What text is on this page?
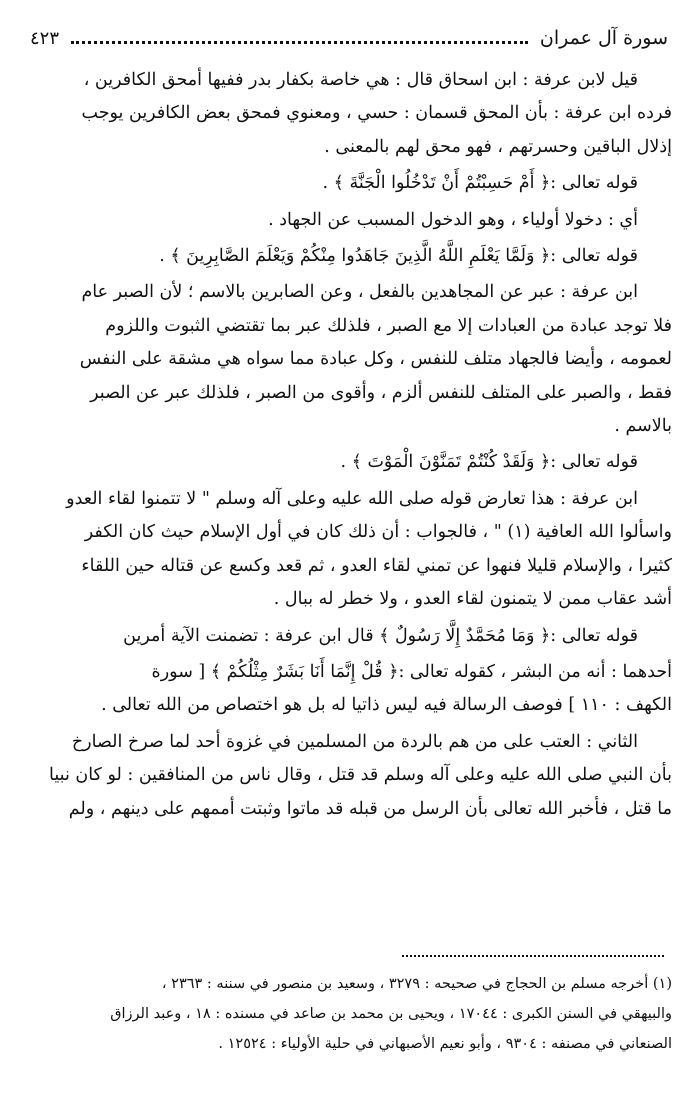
سورة آل عمران
٤٢٣

قيل لابن عرفة : ابن اسحاق قال : هي خاصة بكفار بدر ففيها أمحق الكافرين ،

فرده ابن عرفة : بأن المحق قسمان : حسي ، ومعنوي فمحق بعض الكافرين يوجب

إذلال الباقين وحسرتهم ، فهو محق لهم بالمعنى .

قوله تعالى :﴿ أَمْ حَسِبْتُمْ أَنْ تَدْخُلُوا الْجَنَّةَ ﴾ .

أي : دخولا أولياء ، وهو الدخول المسبب عن الجهاد .

قوله تعالى :﴿ وَلَمَّا يَعْلَمِ اللَّهُ الَّذِينَ جَاهَدُوا مِنْكُمْ وَيَعْلَمَ الصَّابِرِينَ ﴾ .

ابن عرفة : عبر عن المجاهدين بالفعل ، وعن الصابرين بالاسم ؛ لأن الصبر عام

فلا توجد عبادة من العبادات إلا مع الصبر ، فلذلك عبر بما تقتضي الثبوت واللزوم

لعمومه ، وأيضا فالجهاد متلف للنفس ، وكل عبادة مما سواه هي مشقة على النفس

فقط ، والصبر على المتلف للنفس ألزم ، وأقوى من الصبر ، فلذلك عبر عن الصبر

بالاسم .

قوله تعالى :﴿ وَلَقَدْ كُنْتُمْ تَمَنَّوْنَ الْمَوْتَ ﴾ .

ابن عرفة : هذا تعارض قوله صلى الله عليه وعلى آله وسلم " لا تتمنوا لقاء العدو

واسألوا الله العافية (١) " ، فالجواب : أن ذلك كان في أول الإسلام حيث كان الكفر

كثيرا ، والإسلام قليلا فنهوا عن تمني لقاء العدو ، ثم قعد وكسع عن قتاله حين اللقاء

أشد عقاب ممن لا يتمنون لقاء العدو ، ولا خطر له ببال .

قوله تعالى :﴿ وَمَا مُحَمَّدٌ إِلَّا رَسُولٌ ﴾ قال ابن عرفة : تضمنت الآية أمرين

أحدهما : أنه من البشر ، كقوله تعالى :﴿ قُلْ إِنَّمَا أَنَا بَشَرٌ مِثْلُكُمْ ﴾ [ سورة

الكهف : ١١٠ ] فوصف الرسالة فيه ليس ذاتيا له بل هو اختصاص من الله تعالى .

الثاني : العتب على من هم بالردة من المسلمين في غزوة أحد لما صرخ الصارخ

بأن النبي صلى الله عليه وعلى آله وسلم قد قتل ، وقال ناس من المنافقين : لو كان نبيا

ما قتل ، فأخبر الله تعالى بأن الرسل من قبله قد ماتوا وثبتت أممهم على دينهم ، ولم

(١) أخرجه مسلم بن الحجاج في صحيحه : ٣٢٧٩ ، وسعيد بن منصور في سننه : ٢٣٦٣ ،

والبيهقي في السنن الكبرى : ١٧٠٤٤ ، ويحيى بن محمد بن صاعد في مسنده : ١٨ ، وعبد الرزاق

الصنعاني في مصنفه : ٩٣٠٤ ، وأبو نعيم الأصبهاني في حلية الأولياء : ١٢٥٢٤ .
